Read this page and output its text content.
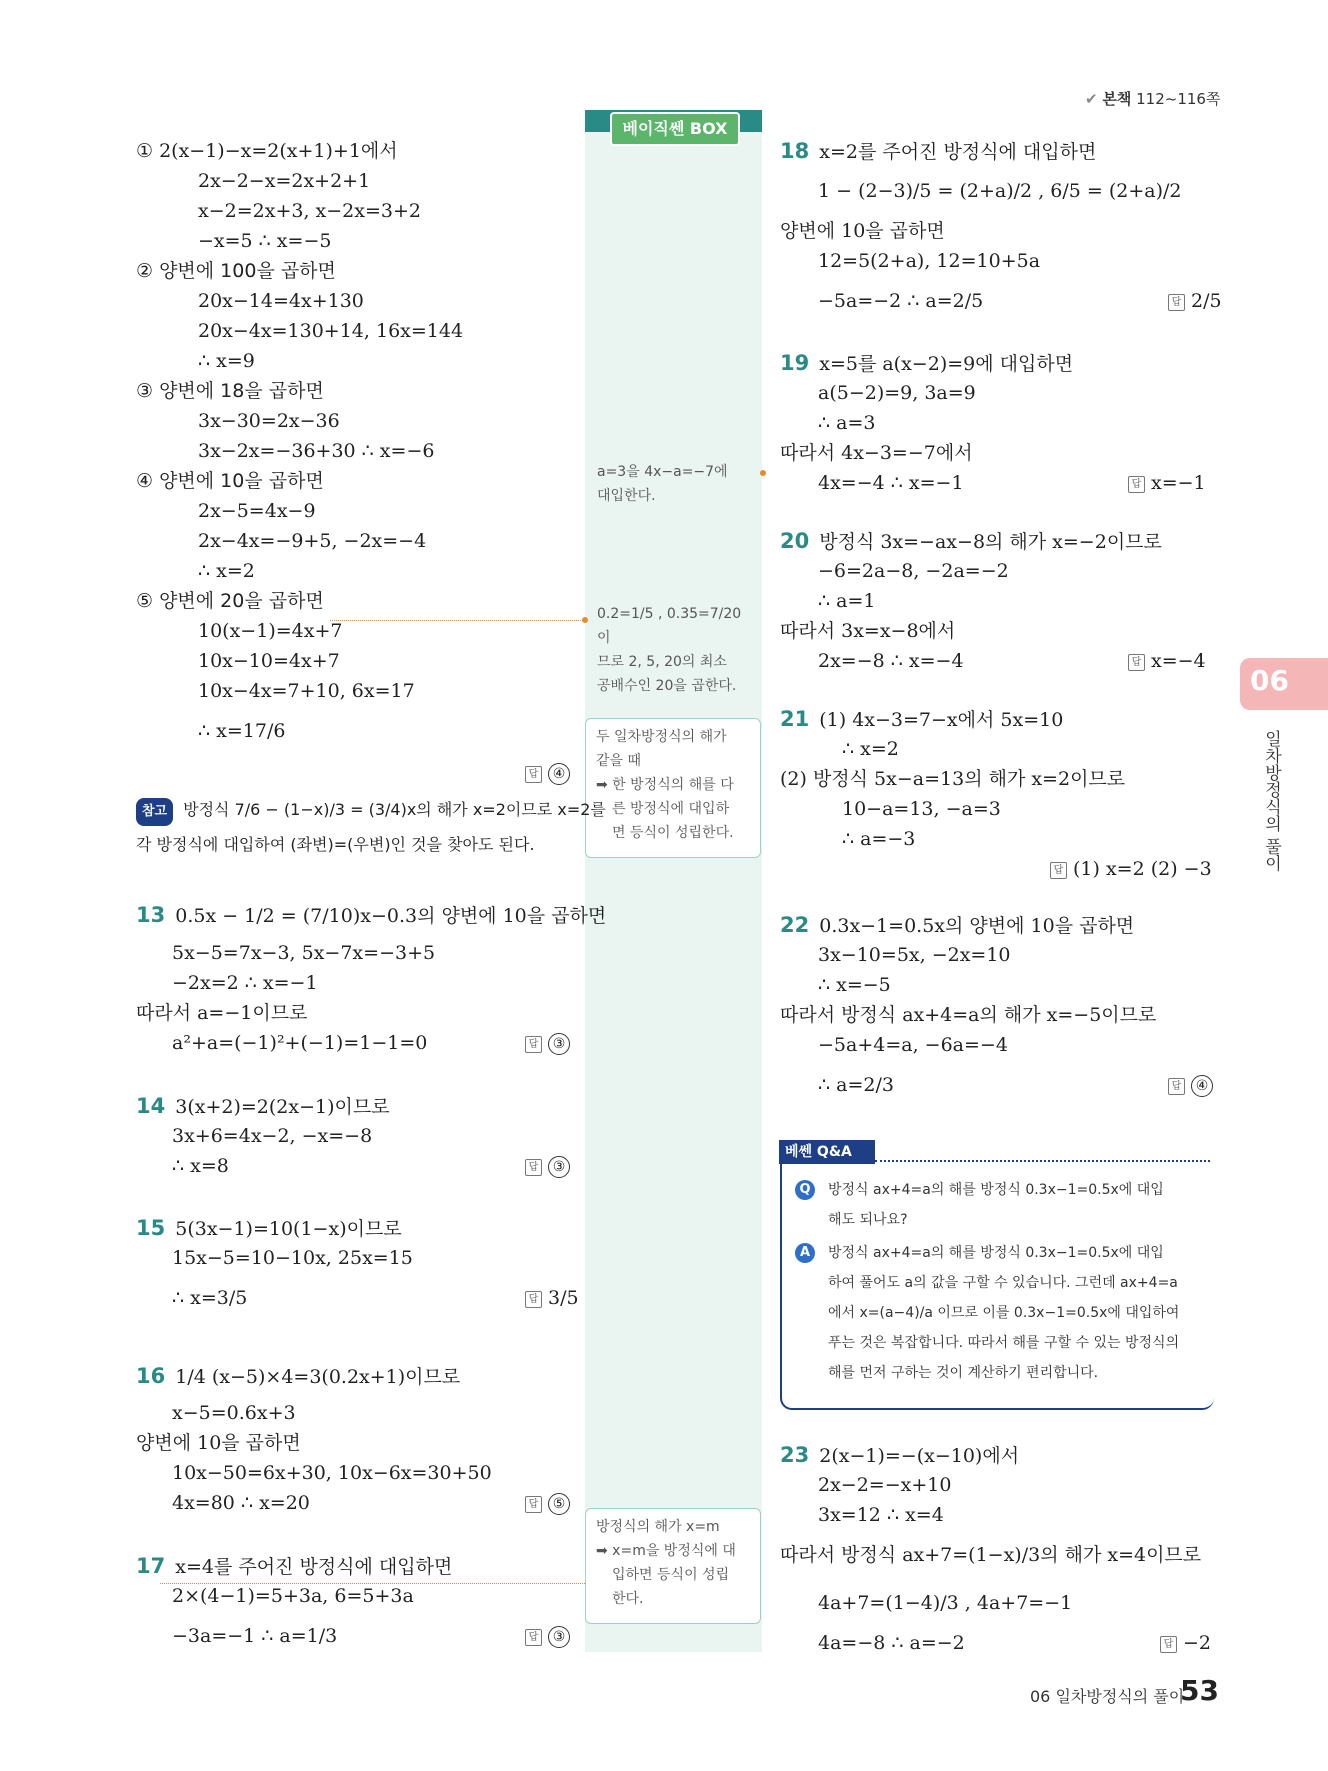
✔ 본책 112~116쪽
베이직쎈 BOX
a=3을 4x−a=−7에
대입한다.
0.2=1/5 , 0.35=7/20 이
므로 2, 5, 20의 최소
공배수인 20을 곱한다.
두 일차방정식의 해가
같을 때
➡ 한 방정식의 해를 다
른 방정식에 대입하
면 등식이 성립한다.
방정식의 해가 x=m
➡ x=m을 방정식에 대
입하면 등식이 성립
한다.
① 2(x−1)−x=2(x+1)+1에서
2x−2−x=2x+2+1
x−2=2x+3, x−2x=3+2
−x=5 ∴ x=−5
② 양변에 100을 곱하면
20x−14=4x+130
20x−4x=130+14, 16x=144
∴ x=9
③ 양변에 18을 곱하면
3x−30=2x−36
3x−2x=−36+30 ∴ x=−6
④ 양변에 10을 곱하면
2x−5=4x−9
2x−4x=−9+5, −2x=−4
∴ x=2
⑤ 양변에 20을 곱하면
10(x−1)=4x+7
10x−10=4x+7
10x−4x=7+10, 6x=17
∴ x=17/6
답 ④
참고 방정식 7/6 − (1−x)/3 = (3/4)x의 해가 x=2이므로 x=2를
각 방정식에 대입하여 (좌변)=(우변)인 것을 찾아도 된다.
13 0.5x − 1/2 = (7/10)x−0.3의 양변에 10을 곱하면
5x−5=7x−3, 5x−7x=−3+5
−2x=2 ∴ x=−1
따라서 a=−1이므로
a²+a=(−1)²+(−1)=1−1=0	답 ③
14 3(x+2)=2(2x−1)이므로
3x+6=4x−2, −x=−8
∴ x=8	답 ③
15 5(3x−1)=10(1−x)이므로
15x−5=10−10x, 25x=15
∴ x=3/5	답 3/5
16 1/4 (x−5)×4=3(0.2x+1)이므로
x−5=0.6x+3
양변에 10을 곱하면
10x−50=6x+30, 10x−6x=30+50
4x=80 ∴ x=20	답 ⑤
17 x=4를 주어진 방정식에 대입하면
2×(4−1)=5+3a, 6=5+3a
−3a=−1 ∴ a=1/3	답 ③
18 x=2를 주어진 방정식에 대입하면
1 − (2−3)/5 = (2+a)/2 , 6/5 = (2+a)/2
양변에 10을 곱하면
12=5(2+a), 12=10+5a
−5a=−2 ∴ a=2/5	답 2/5
19 x=5를 a(x−2)=9에 대입하면
a(5−2)=9, 3a=9
∴ a=3
따라서 4x−3=−7에서
4x=−4 ∴ x=−1	답 x=−1
20 방정식 3x=−ax−8의 해가 x=−2이므로
−6=2a−8, −2a=−2
∴ a=1
따라서 3x=x−8에서
2x=−8 ∴ x=−4	답 x=−4
21 (1) 4x−3=7−x에서 5x=10
∴ x=2
(2) 방정식 5x−a=13의 해가 x=2이므로
10−a=13, −a=3
∴ a=−3
답 (1) x=2 (2) −3
22 0.3x−1=0.5x의 양변에 10을 곱하면
3x−10=5x, −2x=10
∴ x=−5
따라서 방정식 ax+4=a의 해가 x=−5이므로
−5a+4=a, −6a=−4
∴ a=2/3	답 ④
베쎈 Q&A
Q	방정식 ax+4=a의 해를 방정식 0.3x−1=0.5x에 대입
해도 되나요?
A	방정식 ax+4=a의 해를 방정식 0.3x−1=0.5x에 대입
하여 풀어도 a의 값을 구할 수 있습니다. 그런데 ax+4=a
에서 x=(a−4)/a 이므로 이를 0.3x−1=0.5x에 대입하여
푸는 것은 복잡합니다. 따라서 해를 구할 수 있는 방정식의
해를 먼저 구하는 것이 계산하기 편리합니다.
23 2(x−1)=−(x−10)에서
2x−2=−x+10
3x=12 ∴ x=4
따라서 방정식 ax+7=(1−x)/3의 해가 x=4이므로
4a+7=(1−4)/3 , 4a+7=−1
4a=−8 ∴ a=−2	답 −2
06
일차방정식의 풀이
06 일차방정식의 풀이
53
